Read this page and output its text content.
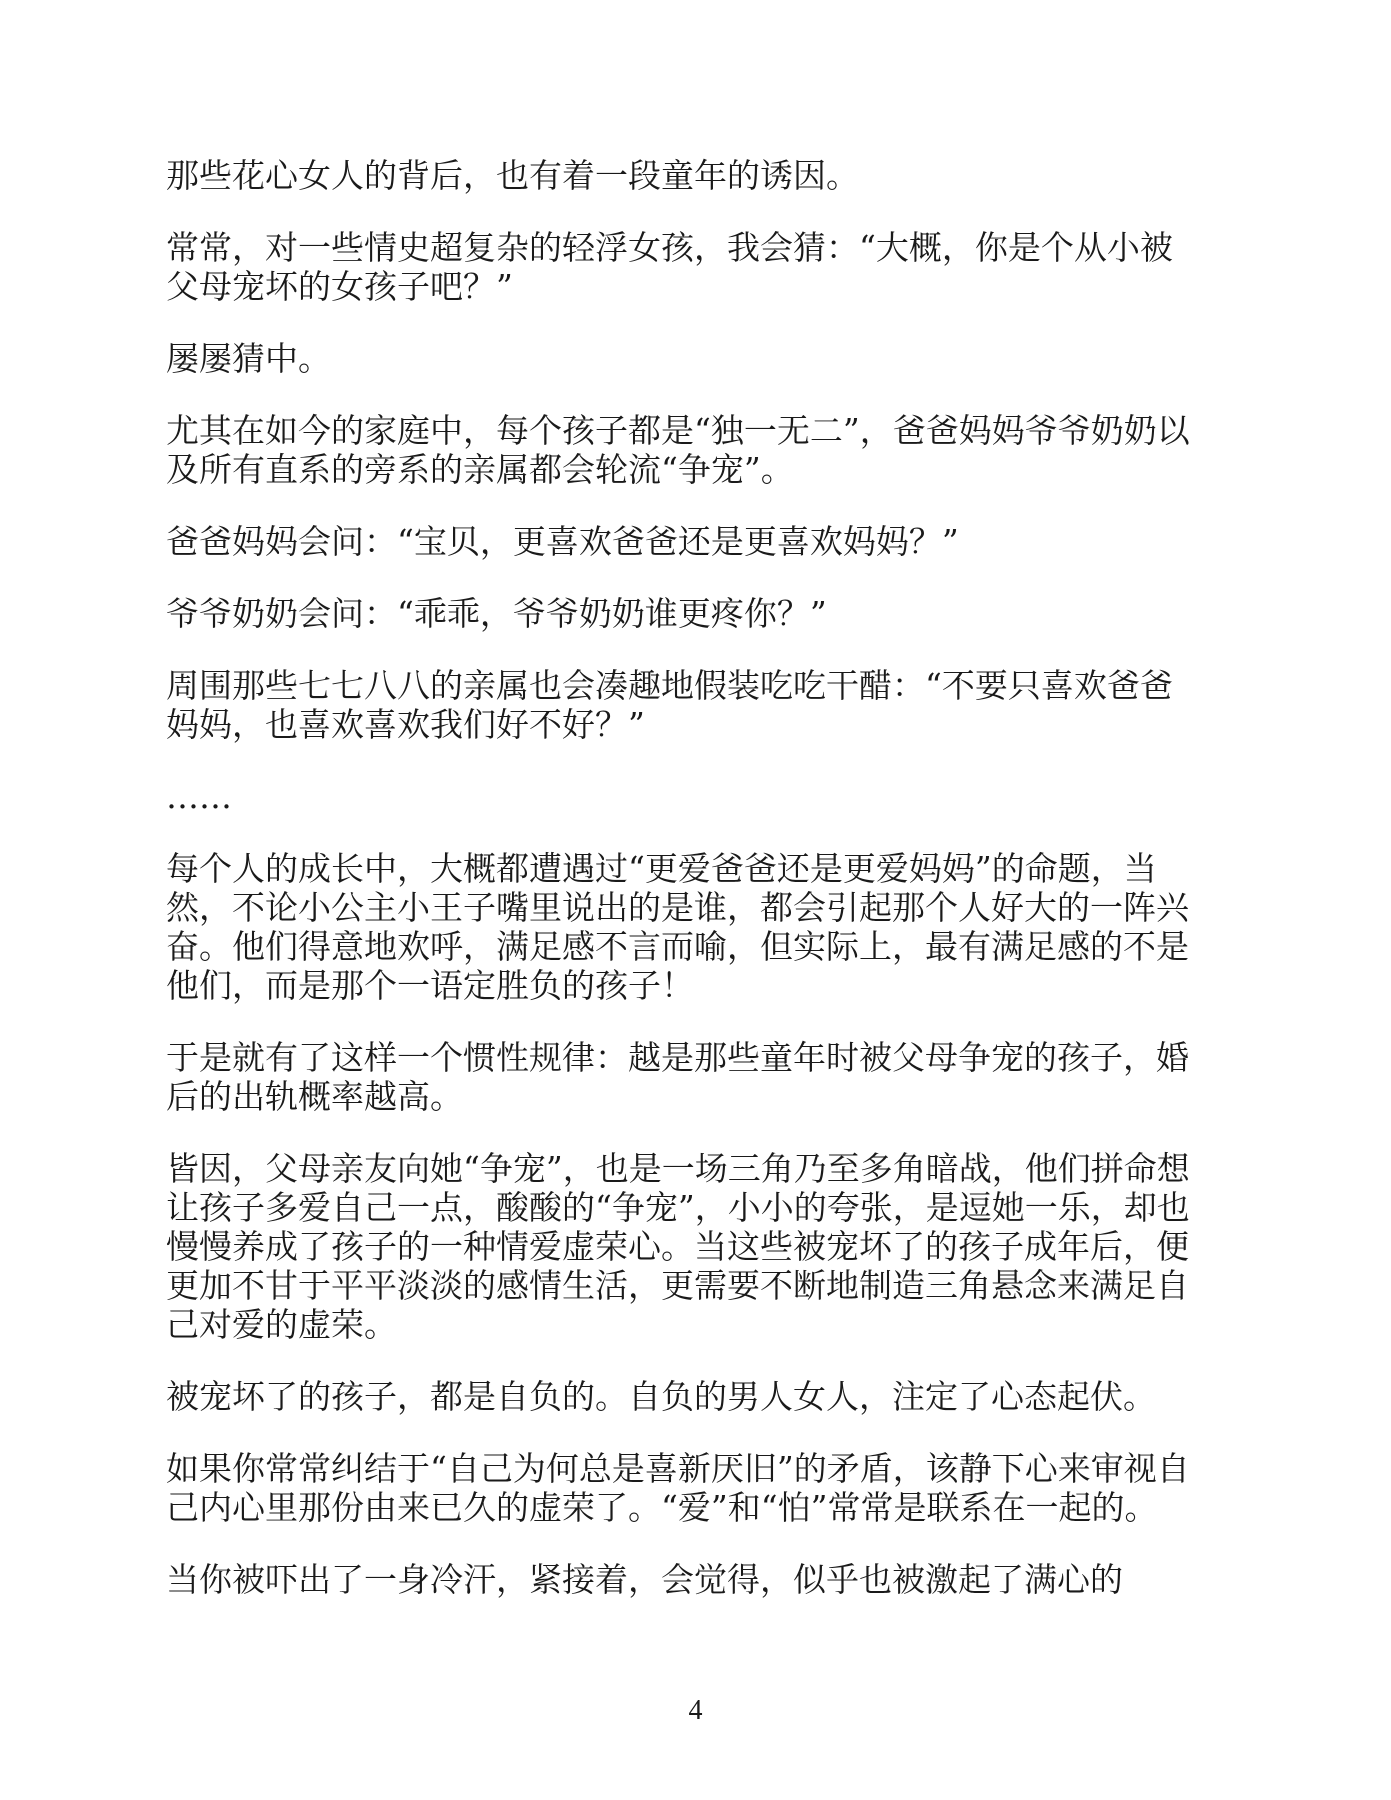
那些花心女人的背后，也有着一段童年的诱因。

常常，对一些情史超复杂的轻浮女孩，我会猜：“大概，你是个从小被
父母宠坏的女孩子吧？”

屡屡猜中。

尤其在如今的家庭中，每个孩子都是“独一无二”，爸爸妈妈爷爷奶奶以
及所有直系的旁系的亲属都会轮流“争宠”。

爸爸妈妈会问：“宝贝，更喜欢爸爸还是更喜欢妈妈？”

爷爷奶奶会问：“乖乖，爷爷奶奶谁更疼你？”

周围那些七七八八的亲属也会凑趣地假装吃吃干醋：“不要只喜欢爸爸
妈妈，也喜欢喜欢我们好不好？”

……

每个人的成长中，大概都遭遇过“更爱爸爸还是更爱妈妈”的命题，当
然，不论小公主小王子嘴里说出的是谁，都会引起那个人好大的一阵兴
奋。他们得意地欢呼，满足感不言而喻，但实际上，最有满足感的不是
他们，而是那个一语定胜负的孩子！

于是就有了这样一个惯性规律：越是那些童年时被父母争宠的孩子，婚
后的出轨概率越高。

皆因，父母亲友向她“争宠”，也是一场三角乃至多角暗战，他们拼命想
让孩子多爱自己一点，酸酸的“争宠”，小小的夸张，是逗她一乐，却也
慢慢养成了孩子的一种情爱虚荣心。当这些被宠坏了的孩子成年后，便
更加不甘于平平淡淡的感情生活，更需要不断地制造三角悬念来满足自
己对爱的虚荣。

被宠坏了的孩子，都是自负的。自负的男人女人，注定了心态起伏。

如果你常常纠结于“自己为何总是喜新厌旧”的矛盾，该静下心来审视自
己内心里那份由来已久的虚荣了。“爱”和“怕”常常是联系在一起的。

当你被吓出了一身冷汗，紧接着，会觉得，似乎也被激起了满心的

4
